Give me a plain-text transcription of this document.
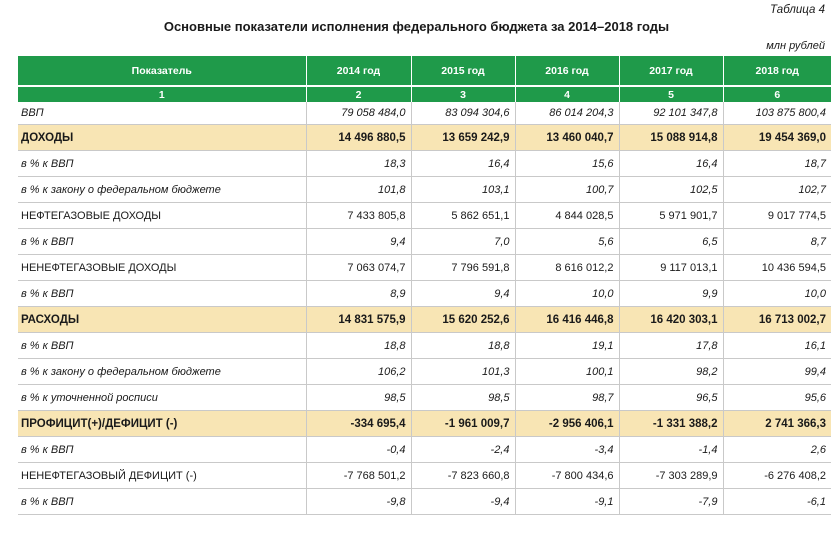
Таблица 4
Основные показатели исполнения федерального бюджета за 2014–2018 годы
млн рублей
Показатель	2014 год	2015 год	2016 год	2017 год	2018 год
1	2	3	4	5	6
ВВП	79 058 484,0	83 094 304,6	86 014 204,3	92 101 347,8	103 875 800,4
ДОХОДЫ	14 496 880,5	13 659 242,9	13 460 040,7	15 088 914,8	19 454 369,0
в % к ВВП	18,3	16,4	15,6	16,4	18,7
в % к закону о федеральном бюджете	101,8	103,1	100,7	102,5	102,7
НЕФТЕГАЗОВЫЕ ДОХОДЫ	7 433 805,8	5 862 651,1	4 844 028,5	5 971 901,7	9 017 774,5
в % к ВВП	9,4	7,0	5,6	6,5	8,7
НЕНЕФТЕГАЗОВЫЕ ДОХОДЫ	7 063 074,7	7 796 591,8	8 616 012,2	9 117 013,1	10 436 594,5
в % к ВВП	8,9	9,4	10,0	9,9	10,0
РАСХОДЫ	14 831 575,9	15 620 252,6	16 416 446,8	16 420 303,1	16 713 002,7
в % к ВВП	18,8	18,8	19,1	17,8	16,1
в % к закону о федеральном бюджете	106,2	101,3	100,1	98,2	99,4
в % к уточненной росписи	98,5	98,5	98,7	96,5	95,6
ПРОФИЦИТ(+)/ДЕФИЦИТ (-)	-334 695,4	-1 961 009,7	-2 956 406,1	-1 331 388,2	2 741 366,3
в % к ВВП	-0,4	-2,4	-3,4	-1,4	2,6
НЕНЕФТЕГАЗОВЫЙ ДЕФИЦИТ (-)	-7 768 501,2	-7 823 660,8	-7 800 434,6	-7 303 289,9	-6 276 408,2
в % к ВВП	-9,8	-9,4	-9,1	-7,9	-6,1
